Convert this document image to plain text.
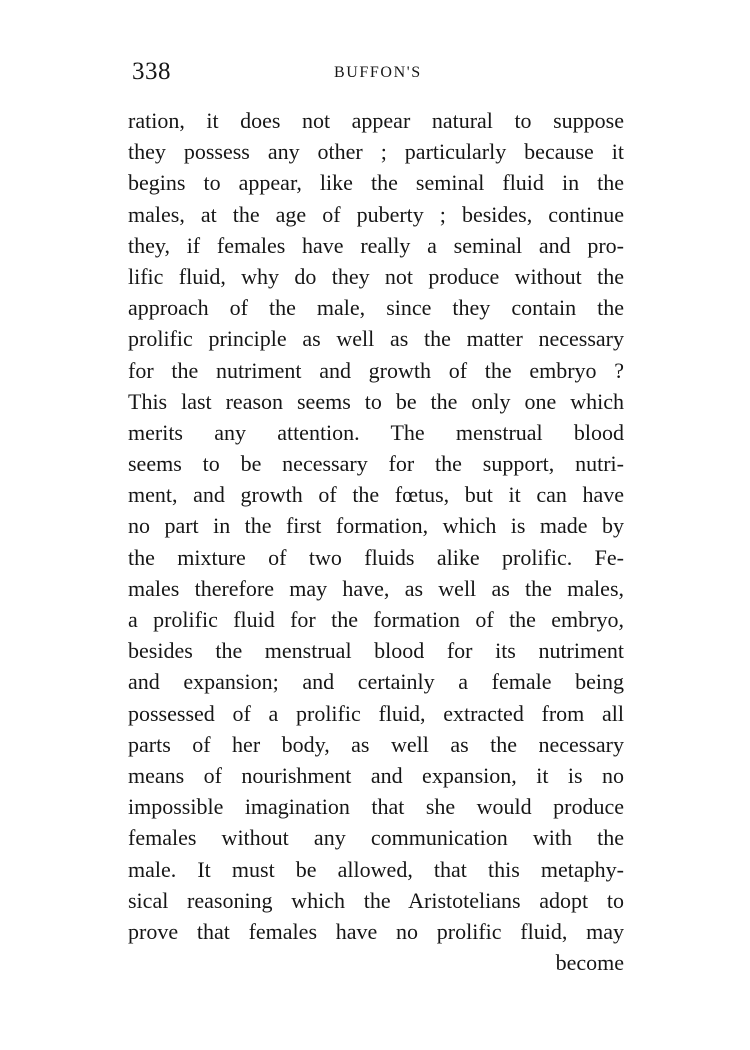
338	BUFFON'S
ration, it does not appear natural to suppose
they possess any other ; particularly because it
begins to appear, like the seminal fluid in the
males, at the age of puberty ; besides, continue
they, if females have really a seminal and pro-
lific fluid, why do they not produce without the
approach of the male, since they contain the
prolific principle as well as the matter necessary
for the nutriment and growth of the embryo ?
This last reason seems to be the only one which
merits any attention. The menstrual blood
seems to be necessary for the support, nutri-
ment, and growth of the fœtus, but it can have
no part in the first formation, which is made by
the mixture of two fluids alike prolific. Fe-
males therefore may have, as well as the males,
a prolific fluid for the formation of the embryo,
besides the menstrual blood for its nutriment
and expansion; and certainly a female being
possessed of a prolific fluid, extracted from all
parts of her body, as well as the necessary
means of nourishment and expansion, it is no
impossible imagination that she would produce
females without any communication with the
male. It must be allowed, that this metaphy-
sical reasoning which the Aristotelians adopt to
prove that females have no prolific fluid, may
become
